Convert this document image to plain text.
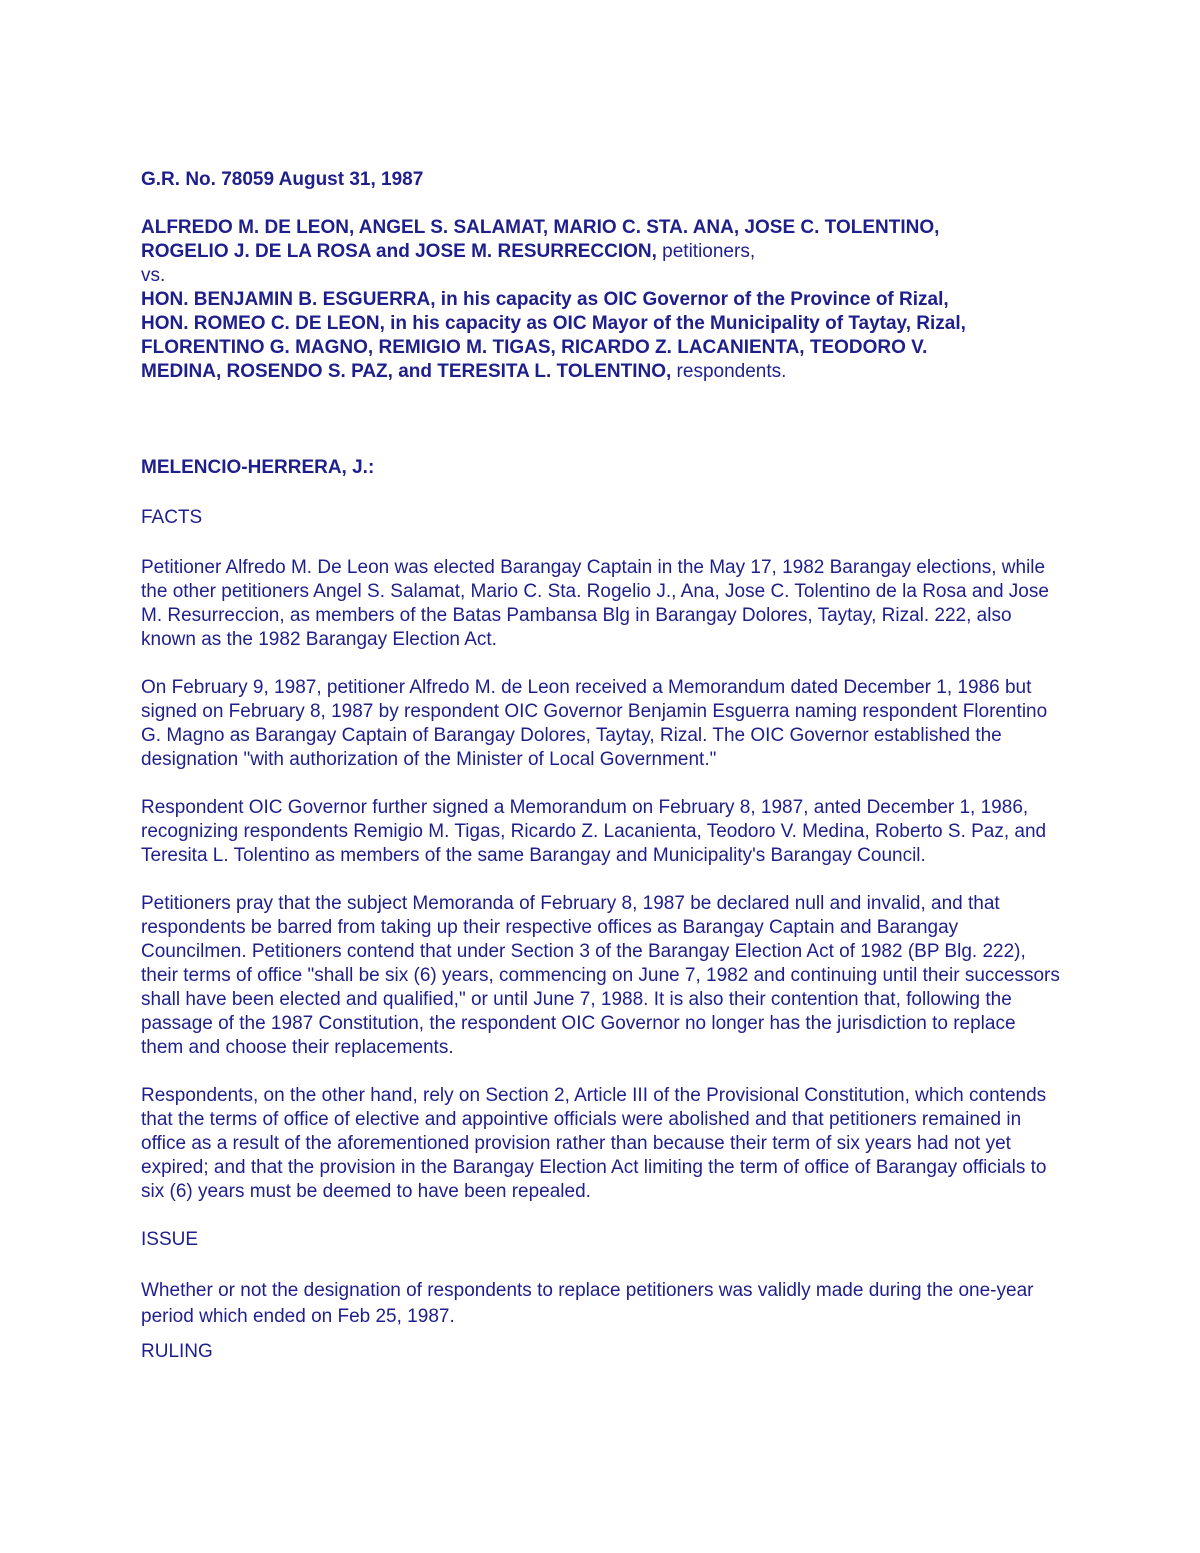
G.R. No. 78059 August 31, 1987

ALFREDO M. DE LEON, ANGEL S. SALAMAT, MARIO C. STA. ANA, JOSE C. TOLENTINO,
ROGELIO J. DE LA ROSA and JOSE M. RESURRECCION, petitioners,
vs.
HON. BENJAMIN B. ESGUERRA, in his capacity as OIC Governor of the Province of Rizal,
HON. ROMEO C. DE LEON, in his capacity as OIC Mayor of the Municipality of Taytay, Rizal,
FLORENTINO G. MAGNO, REMIGIO M. TIGAS, RICARDO Z. LACANIENTA, TEODORO V.
MEDINA, ROSENDO S. PAZ, and TERESITA L. TOLENTINO, respondents.

MELENCIO-HERRERA, J.:

FACTS

Petitioner Alfredo M. De Leon was elected Barangay Captain in the May 17, 1982 Barangay elections, while the other petitioners Angel S. Salamat, Mario C. Sta. Rogelio J., Ana, Jose C. Tolentino de la Rosa and Jose M. Resurreccion, as members of the Batas Pambansa Blg in Barangay Dolores, Taytay, Rizal. 222, also known as the 1982 Barangay Election Act.

On February 9, 1987, petitioner Alfredo M. de Leon received a Memorandum dated December 1, 1986 but signed on February 8, 1987 by respondent OIC Governor Benjamin Esguerra naming respondent Florentino G. Magno as Barangay Captain of Barangay Dolores, Taytay, Rizal. The OIC Governor established the designation "with authorization of the Minister of Local Government."

Respondent OIC Governor further signed a Memorandum on February 8, 1987, anted December 1, 1986, recognizing respondents Remigio M. Tigas, Ricardo Z. Lacanienta, Teodoro V. Medina, Roberto S. Paz, and Teresita L. Tolentino as members of the same Barangay and Municipality's Barangay Council.

Petitioners pray that the subject Memoranda of February 8, 1987 be declared null and invalid, and that respondents be barred from taking up their respective offices as Barangay Captain and Barangay Councilmen. Petitioners contend that under Section 3 of the Barangay Election Act of 1982 (BP Blg. 222), their terms of office "shall be six (6) years, commencing on June 7, 1982 and continuing until their successors shall have been elected and qualified," or until June 7, 1988. It is also their contention that, following the passage of the 1987 Constitution, the respondent OIC Governor no longer has the jurisdiction to replace them and choose their replacements.

Respondents, on the other hand, rely on Section 2, Article III of the Provisional Constitution, which contends that the terms of office of elective and appointive officials were abolished and that petitioners remained in office as a result of the aforementioned provision rather than because their term of six years had not yet expired; and that the provision in the Barangay Election Act limiting the term of office of Barangay officials to six (6) years must be deemed to have been repealed.

ISSUE

Whether or not the designation of respondents to replace petitioners was validly made during the one-year period which ended on Feb 25, 1987.

RULING
